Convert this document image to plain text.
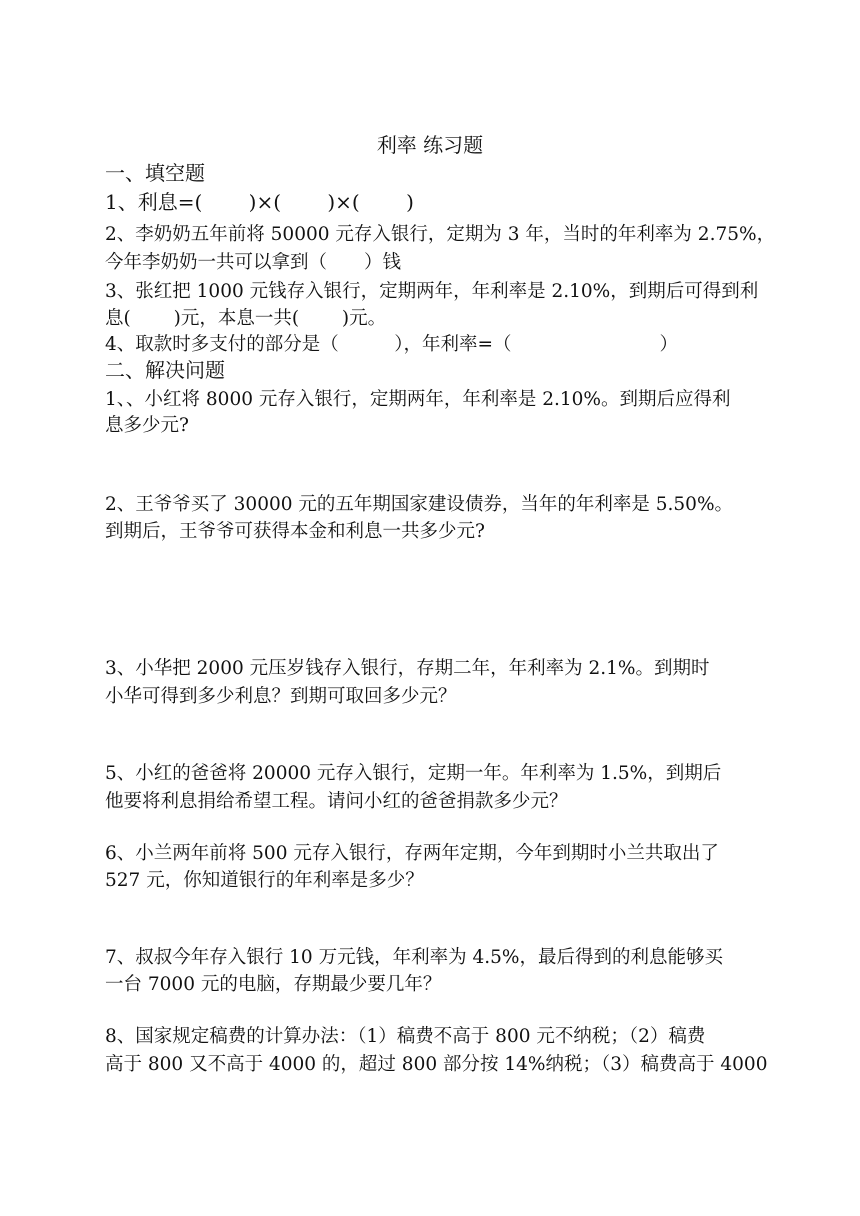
利率 练习题
一、填空题
1、利息=(　　 )×(　　 )×(　　 )
2、李奶奶五年前将 50000 元存入银行，定期为 3 年，当时的年利率为 2.75%，
今年李奶奶一共可以拿到（　　）钱
3、张红把 1000 元钱存入银行，定期两年，年利率是 2.10%，到期后可得到利
息(　　 )元，本息一共(　　 )元。
4、取款时多支付的部分是（　　　），年利率=（　　　　　　　　）
二、解决问题
1、、小红将 8000 元存入银行，定期两年，年利率是 2.10%。到期后应得利
息多少元?
2、王爷爷买了 30000 元的五年期国家建设债券，当年的年利率是 5.50%。
到期后，王爷爷可获得本金和利息一共多少元?
3、小华把 2000 元压岁钱存入银行，存期二年，年利率为 2.1%。到期时
小华可得到多少利息？到期可取回多少元？
5、小红的爸爸将 20000 元存入银行，定期一年。年利率为 1.5%，到期后
他要将利息捐给希望工程。请问小红的爸爸捐款多少元？
6、小兰两年前将 500 元存入银行，存两年定期，今年到期时小兰共取出了
527 元，你知道银行的年利率是多少？
7、叔叔今年存入银行 10 万元钱，年利率为 4.5%，最后得到的利息能够买
一台 7000 元的电脑，存期最少要几年？
8、国家规定稿费的计算办法：（1）稿费不高于 800 元不纳税；（2）稿费
高于 800 又不高于 4000 的，超过 800 部分按 14%纳税；（3）稿费高于 4000
